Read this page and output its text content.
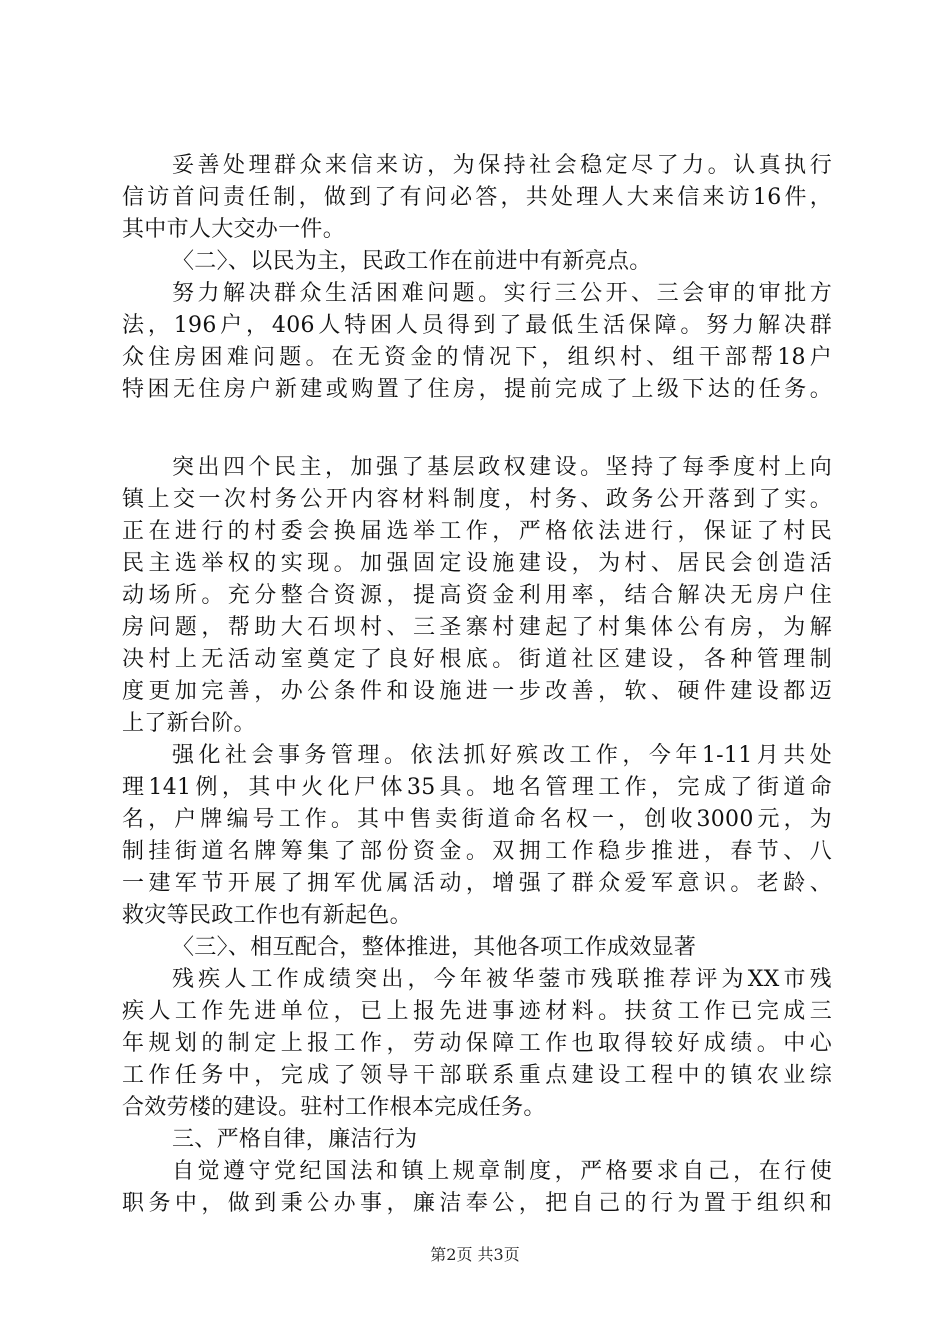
妥善处理群众来信来访，为保持社会稳定尽了力。认真执行
信访首问责任制，做到了有问必答，共处理人大来信来访16件，
其中市人大交办一件。
〈二〉、以民为主，民政工作在前进中有新亮点。
努力解决群众生活困难问题。实行三公开、三会审的审批方
法，196户，406人特困人员得到了最低生活保障。努力解决群
众住房困难问题。在无资金的情况下，组织村、组干部帮18户
特困无住房户新建或购置了住房，提前完成了上级下达的任务。
突出四个民主，加强了基层政权建设。坚持了每季度村上向
镇上交一次村务公开内容材料制度，村务、政务公开落到了实。
正在进行的村委会换届选举工作，严格依法进行，保证了村民
民主选举权的实现。加强固定设施建设，为村、居民会创造活
动场所。充分整合资源，提高资金利用率，结合解决无房户住
房问题，帮助大石坝村、三圣寨村建起了村集体公有房，为解
决村上无活动室奠定了良好根底。街道社区建设，各种管理制
度更加完善，办公条件和设施进一步改善，软、硬件建设都迈
上了新台阶。
强化社会事务管理。依法抓好殡改工作，今年1-11月共处
理141例，其中火化尸体35具。地名管理工作，完成了街道命
名，户牌编号工作。其中售卖街道命名权一，创收3000元，为
制挂街道名牌筹集了部份资金。双拥工作稳步推进，春节、八
一建军节开展了拥军优属活动，增强了群众爱军意识。老龄、
救灾等民政工作也有新起色。
〈三〉、相互配合，整体推进，其他各项工作成效显著
残疾人工作成绩突出，今年被华蓥市残联推荐评为XX市残
疾人工作先进单位，已上报先进事迹材料。扶贫工作已完成三
年规划的制定上报工作，劳动保障工作也取得较好成绩。中心
工作任务中，完成了领导干部联系重点建设工程中的镇农业综
合效劳楼的建设。驻村工作根本完成任务。
三、严格自律，廉洁行为
自觉遵守党纪国法和镇上规章制度，严格要求自己，在行使
职务中，做到秉公办事，廉洁奉公，把自己的行为置于组织和
第2页 共3页
